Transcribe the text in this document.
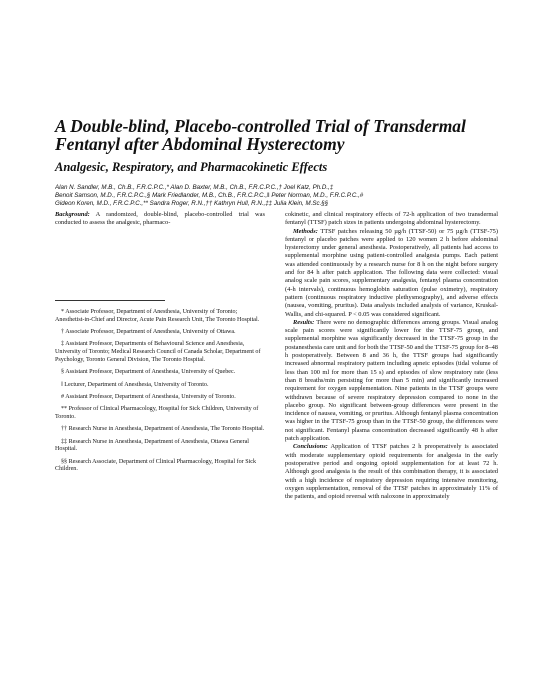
A Double-blind, Placebo-controlled Trial of Transdermal Fentanyl after Abdominal Hysterectomy
Analgesic, Respiratory, and Pharmacokinetic Effects
Alan N. Sandler, M.B., Ch.B., F.R.C.P.C.,* Alan D. Baxter, M.B., Ch.B., F.R.C.P.C.,† Joel Katz, Ph.D.,‡
Benoit Samson, M.D., F.R.C.P.C.,§ Mark Friedlander, M.B., Ch.B., F.R.C.P.C.,‖ Peter Norman, M.D., F.R.C.P.C.,#
Gideon Koren, M.D., F.R.C.P.C.,** Sandra Roger, R.N.,†† Kathryn Hull, R.N.,‡‡ Julia Klein, M.Sc.§§

Background: A randomized, double-blind, placebo-controlled trial was conducted to assess the analgesic, pharmaco-

* Associate Professor, Department of Anesthesia, University of Toronto; Anesthetist-in-Chief and Director, Acute Pain Research Unit, The Toronto Hospital.

† Associate Professor, Department of Anesthesia, University of Ottawa.

‡ Assistant Professor, Departments of Behavioural Science and Anesthesia, University of Toronto; Medical Research Council of Canada Scholar, Department of Psychology, Toronto General Division, The Toronto Hospital.

§ Assistant Professor, Department of Anesthesia, University of Quebec.

‖ Lecturer, Department of Anesthesia, University of Toronto.

# Assistant Professor, Department of Anesthesia, University of Toronto.

** Professor of Clinical Pharmacology, Hospital for Sick Children, University of Toronto.

†† Research Nurse in Anesthesia, Department of Anesthesia, The Toronto Hospital.

‡‡ Research Nurse in Anesthesia, Department of Anesthesia, Ottawa General Hospital.

§§ Research Associate, Department of Clinical Pharmacology, Hospital for Sick Children.

cokinetic, and clinical respiratory effects of 72-h application of two transdermal fentanyl (TTSF) patch sizes in patients undergoing abdominal hysterectomy.

Methods: TTSF patches releasing 50 µg/h (TTSF-50) or 75 µg/h (TTSF-75) fentanyl or placebo patches were applied to 120 women 2 h before abdominal hysterectomy under general anesthesia. Postoperatively, all patients had access to supplemental morphine using patient-controlled analgesia pumps. Each patient was attended continuously by a research nurse for 8 h on the night before surgery and for 84 h after patch application. The following data were collected: visual analog scale pain scores, supplementary analgesia, fentanyl plasma concentration (4-h intervals), continuous hemoglobin saturation (pulse oximetry), respiratory pattern (continuous respiratory inductive plethysmography), and adverse effects (nausea, vomiting, pruritus). Data analysis included analysis of variance, Kruskal-Wallis, and chi-squared. P < 0.05 was considered significant.

Results: There were no demographic differences among groups. Visual analog scale pain scores were significantly lower for the TTSF-75 group, and supplemental morphine was significantly decreased in the TTSF-75 group in the postanesthesia care unit and for both the TTSF-50 and the TTSF-75 group for 8–48 h postoperatively. Between 8 and 36 h, the TTSF groups had significantly increased abnormal respiratory pattern including apneic episodes (tidal volume of less than 100 ml for more than 15 s) and episodes of slow respiratory rate (less than 8 breaths/min persisting for more than 5 min) and significantly increased requirement for oxygen supplementation. Nine patients in the TTSF groups were withdrawn because of severe respiratory depression compared to none in the placebo group. No significant between-group differences were present in the incidence of nausea, vomiting, or pruritus. Although fentanyl plasma concentration was higher in the TTSF-75 group than in the TTSF-50 group, the differences were not significant. Fentanyl plasma concentration decreased significantly 48 h after patch application.

Conclusions: Application of TTSF patches 2 h preoperatively is associated with moderate supplementary opioid requirements for analgesia in the early postoperative period and ongoing opioid supplementation for at least 72 h. Although good analgesia is the result of this combination therapy, it is associated with a high incidence of respiratory depression requiring intensive monitoring, oxygen supplementation, removal of the TTSF patches in approximately 11% of the patients, and opioid reversal with naloxone in approximately
